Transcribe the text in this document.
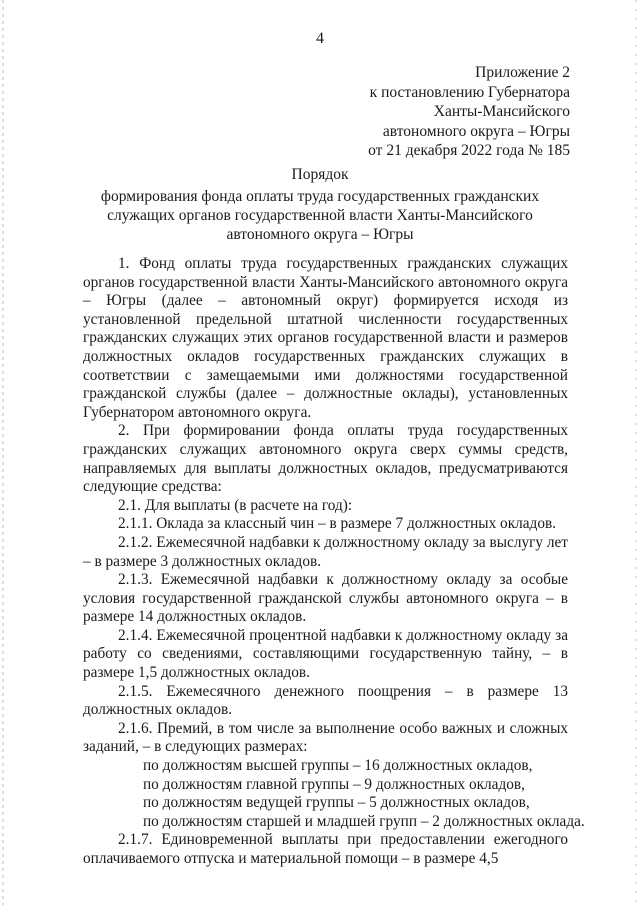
4
Приложение 2
к постановлению Губернатора
Ханты-Мансийского
автономного округа – Югры
от 21 декабря 2022 года № 185
Порядок
формирования фонда оплаты труда государственных гражданских
служащих органов государственной власти Ханты-Мансийского
автономного округа – Югры

1. Фонд оплаты труда государственных гражданских служащих органов государственной власти Ханты-Мансийского автономного округа – Югры (далее – автономный округ) формируется исходя из установленной предельной штатной численности государственных гражданских служащих этих органов государственной власти и размеров должностных окладов государственных гражданских служащих в соответствии с замещаемыми ими должностями государственной гражданской службы (далее – должностные оклады), установленных Губернатором автономного округа.

2. При формировании фонда оплаты труда государственных гражданских служащих автономного округа сверх суммы средств, направляемых для выплаты должностных окладов, предусматриваются следующие средства:

2.1. Для выплаты (в расчете на год):

2.1.1. Оклада за классный чин – в размере 7 должностных окладов.

2.1.2. Ежемесячной надбавки к должностному окладу за выслугу лет – в размере 3 должностных окладов.

2.1.3. Ежемесячной надбавки к должностному окладу за особые условия государственной гражданской службы автономного округа – в размере 14 должностных окладов.

2.1.4. Ежемесячной процентной надбавки к должностному окладу за работу со сведениями, составляющими государственную тайну, – в размере 1,5 должностных окладов.

2.1.5. Ежемесячного денежного поощрения – в размере 13 должностных окладов.

2.1.6. Премий, в том числе за выполнение особо важных и сложных заданий, – в следующих размерах:

по должностям высшей группы – 16 должностных окладов,

по должностям главной группы – 9 должностных окладов,

по должностям ведущей группы – 5 должностных окладов,

по должностям старшей и младшей групп – 2 должностных оклада.

2.1.7. Единовременной выплаты при предоставлении ежегодного оплачиваемого отпуска и материальной помощи – в размере 4,5
